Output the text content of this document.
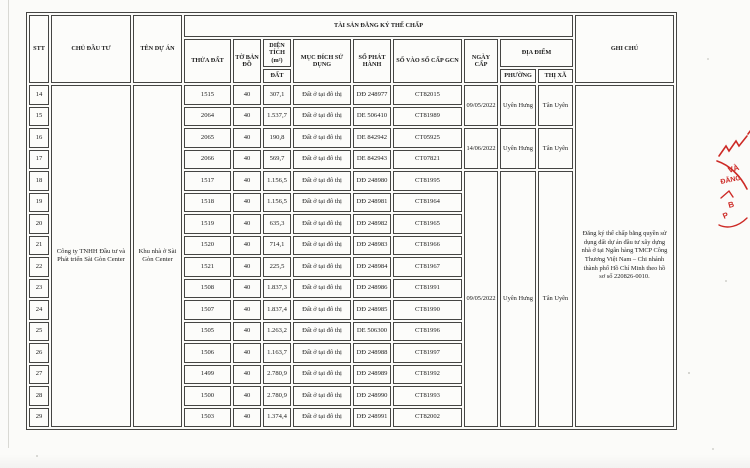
STT	CHỦ ĐẦU TƯ	TÊN DỰ ÁN	TÀI SẢN ĐĂNG KÝ THẾ CHẤP									GHI CHÚ
			THỬA ĐẤT	TỜ BẢN ĐỒ	DIỆN TÍCH (m²)	MỤC ĐÍCH SỬ DỤNG	SỐ PHÁT HÀNH	SỐ VÀO SỔ CẤP GCN	NGÀY CẤP	ĐỊA ĐIỂM		
					ĐẤT					PHƯỜNG	THỊ XÃ	
14	Công ty TNHH Đầu tư và Phát triển Sài Gòn Center	Khu nhà ở Sài Gòn Center	1515	40	307,1	Đất ở tại đô thị	DĐ 248977	CT82015	09/05/2022	Uyên Hưng	Tân Uyên	Đăng ký thế chấp bằng quyền sử dụng đất dự án đầu tư xây dựng nhà ở tại Ngân hàng TMCP Công Thương Việt Nam – Chi nhánh thành phố Hồ Chí Minh theo hồ sơ số 220826-0010.
15			2064	40	1.537,7	Đất ở tại đô thị	DE 506410	CT81989				
16			2065	40	190,8	Đất ở tại đô thị	DE 842942	CT05925	14/06/2022	Uyên Hưng	Tân Uyên	
17			2066	40	569,7	Đất ở tại đô thị	DE 842943	CT07821				
18			1517	40	1.156,5	Đất ở tại đô thị	DĐ 248980	CT81995	09/05/2022	Uyên Hưng	Tân Uyên	
19			1518	40	1.156,5	Đất ở tại đô thị	DĐ 248981	CT81964				
20			1519	40	635,3	Đất ở tại đô thị	DĐ 248982	CT81965				
21			1520	40	714,1	Đất ở tại đô thị	DĐ 248983	CT81966				
22			1521	40	225,5	Đất ở tại đô thị	DĐ 248984	CT81967				
23			1508	40	1.837,3	Đất ở tại đô thị	DĐ 248986	CT81991				
24			1507	40	1.837,4	Đất ở tại đô thị	DĐ 248985	CT81990				
25			1505	40	1.263,2	Đất ở tại đô thị	DE 506300	CT81996				
26			1506	40	1.163,7	Đất ở tại đô thị	DĐ 248988	CT81997				
27			1499	40	2.780,9	Đất ở tại đô thị	DĐ 248989	CT81992				
28			1500	40	2.780,9	Đất ở tại đô thị	DĐ 248990	CT81993				
29			1503	40	1.374,4	Đất ở tại đô thị	DĐ 248991	CT82002				
VÀ
ĐĂNG
B
P
